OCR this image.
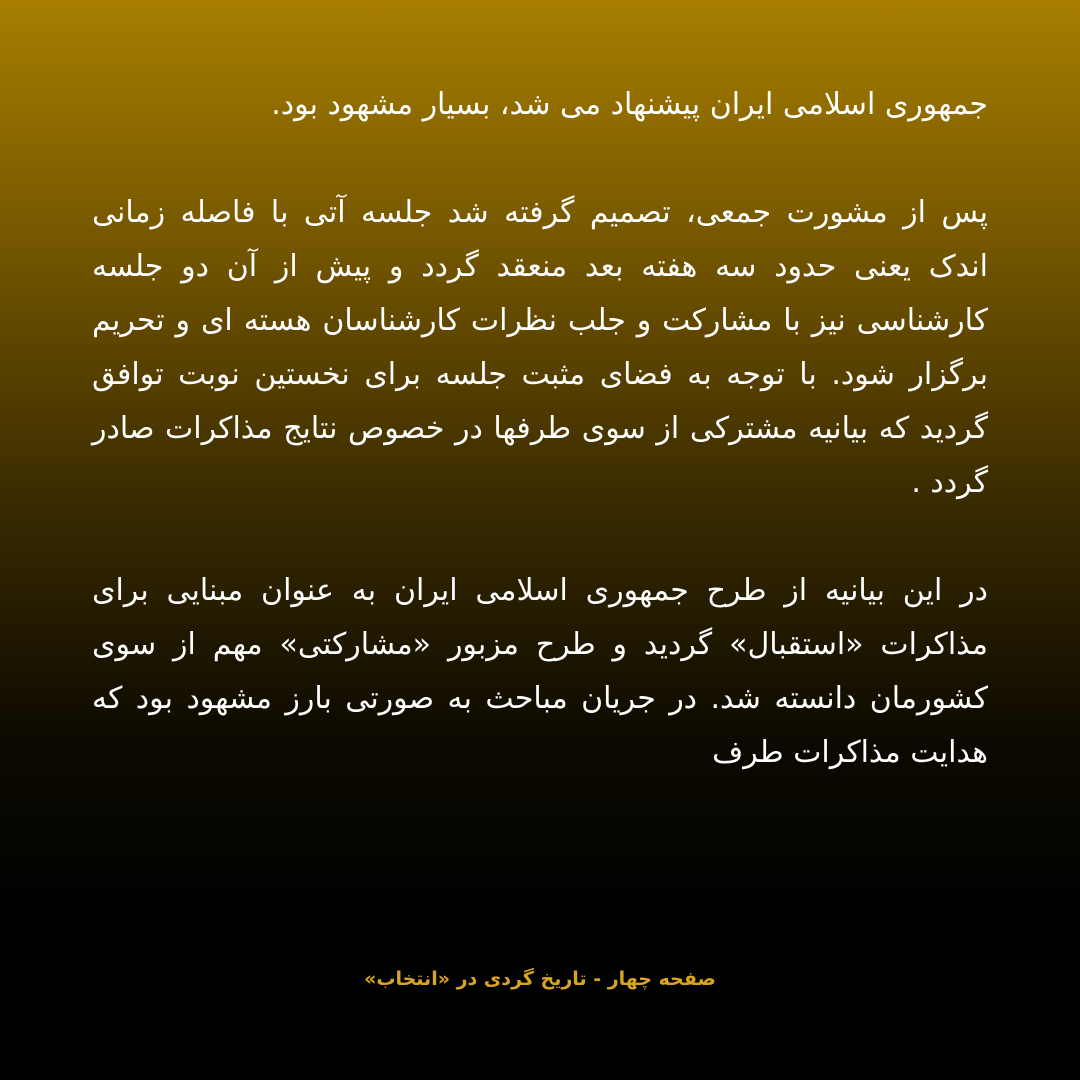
جمهوری اسلامی ایران پیشنهاد می شد، بسیار مشهود بود.

پس از مشورت جمعی، تصمیم گرفته شد جلسه آتی با فاصله زمانی اندک یعنی حدود سه هفته بعد منعقد گردد و پیش از آن دو جلسه کارشناسی نیز با مشارکت و جلب نظرات کارشناسان هسته ای و تحریم برگزار شود. با توجه به فضای مثبت جلسه برای نخستین نوبت توافق گردید که بیانیه مشترکی از سوی طرفها در خصوص نتایج مذاکرات صادر گردد .

در این بیانیه از طرح جمهوری اسلامی ایران به عنوان مبنایی برای مذاکرات «استقبال» گردید و طرح مزبور «مشارکتی» مهم از سوی کشورمان دانسته شد. در جریان مباحث به صورتی بارز مشهود بود که هدایت مذاکرات طرف

صفحه چهار - تاریخ گردی در «انتخاب»
